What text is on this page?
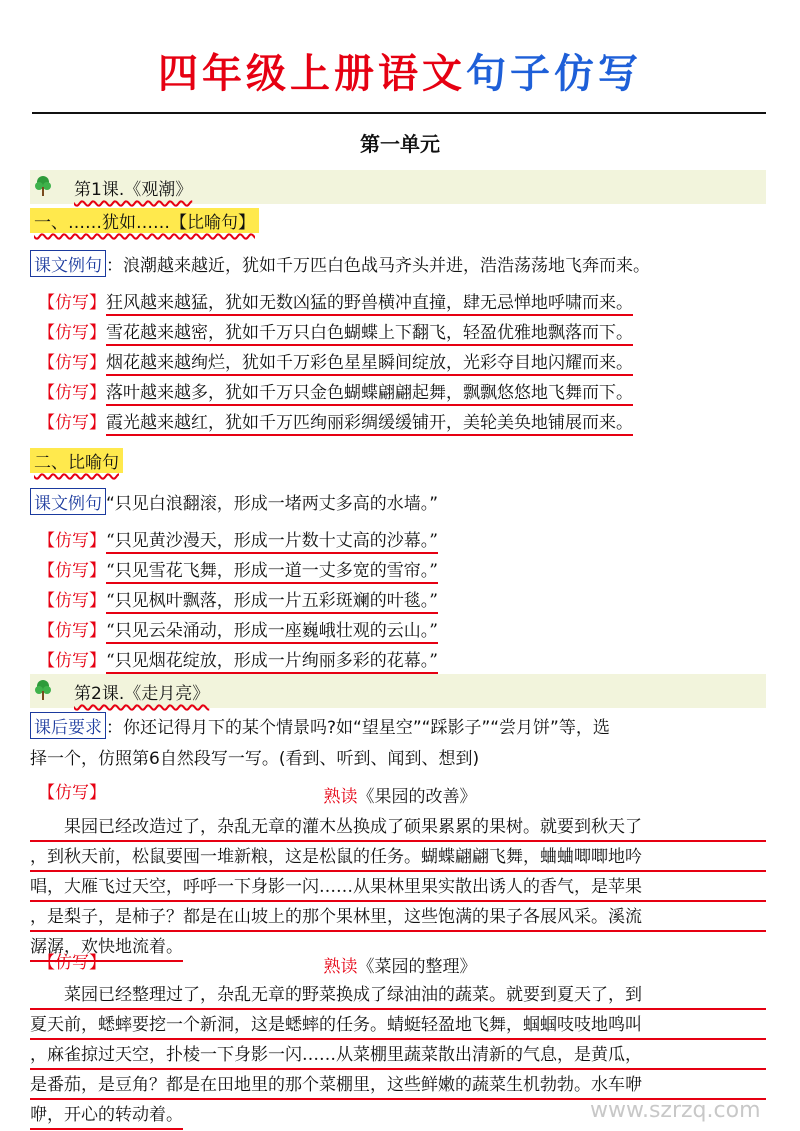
四年级上册语文句子仿写
第一单元
第1课.《观潮》
一、……犹如……【比喻句】
课文例句 ：浪潮越来越近，犹如千万匹白色战马齐头并进，浩浩荡荡地飞奔而来。
【仿写】狂风越来越猛，犹如无数凶猛的野兽横冲直撞，肆无忌惮地呼啸而来。
【仿写】雪花越来越密，犹如千万只白色蝴蝶上下翻飞，轻盈优雅地飘落而下。
【仿写】烟花越来越绚烂，犹如千万彩色星星瞬间绽放，光彩夺目地闪耀而来。
【仿写】落叶越来越多，犹如千万只金色蝴蝶翩翩起舞，飘飘悠悠地飞舞而下。
【仿写】霞光越来越红，犹如千万匹绚丽彩绸缓缓铺开，美轮美奂地铺展而来。
二、比喻句
课文例句 “只见白浪翻滚，形成一堵两丈多高的水墙。”
【仿写】“只见黄沙漫天，形成一片数十丈高的沙幕。”
【仿写】“只见雪花飞舞，形成一道一丈多宽的雪帘。”
【仿写】“只见枫叶飘落，形成一片五彩斑斓的叶毯。”
【仿写】“只见云朵涌动，形成一座巍峨壮观的云山。”
【仿写】“只见烟花绽放，形成一片绚丽多彩的花幕。”
第2课.《走月亮》
课后要求 ：你还记得月下的某个情景吗?如“望星空”“踩影子”“尝月饼”等，选
择一个，仿照第6自然段写一写。(看到、听到、闻到、想到)
【仿写】	熟读《果园的改善》
　　果园已经改造过了，杂乱无章的灌木丛换成了硕果累累的果树。就要到秋天了
，到秋天前，松鼠要囤一堆新粮，这是松鼠的任务。蝴蝶翩翩飞舞，蛐蛐唧唧地吟
唱，大雁飞过天空，呼呼一下身影一闪……从果林里果实散出诱人的香气，是苹果
，是梨子，是柿子？都是在山坡上的那个果林里，这些饱满的果子各展风采。溪流
潺潺，欢快地流着。
【仿写】	熟读《菜园的整理》
　　菜园已经整理过了，杂乱无章的野菜换成了绿油油的蔬菜。就要到夏天了，到
夏天前，蟋蟀要挖一个新洞，这是蟋蟀的任务。蜻蜓轻盈地飞舞，蝈蝈吱吱地鸣叫
，麻雀掠过天空，扑棱一下身影一闪……从菜棚里蔬菜散出清新的气息，是黄瓜，
是番茄，是豆角？都是在田地里的那个菜棚里，这些鲜嫩的蔬菜生机勃勃。水车咿
咿，开心的转动着。	www.szrzq.com
